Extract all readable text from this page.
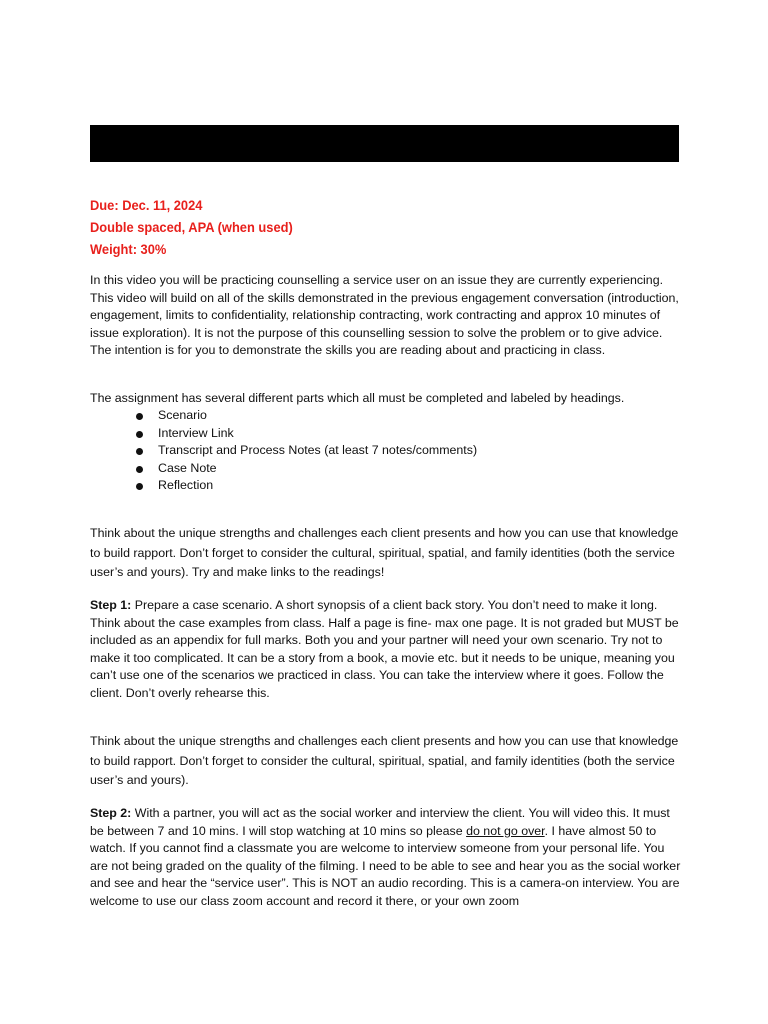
Due: Dec. 11, 2024
Double spaced, APA (when used)
Weight: 30%

In this video you will be practicing counselling a service user on an issue they are currently experiencing. This video will build on all of the skills demonstrated in the previous engagement conversation (introduction, engagement, limits to confidentiality, relationship contracting, work contracting and approx 10 minutes of issue exploration). It is not the purpose of this counselling session to solve the problem or to give advice. The intention is for you to demonstrate the skills you are reading about and practicing in class.

The assignment has several different parts which all must be completed and labeled by headings.

Scenario
Interview Link
Transcript and Process Notes (at least 7 notes/comments)
Case Note
Reflection

Think about the unique strengths and challenges each client presents and how you can use that knowledge to build rapport. Don’t forget to consider the cultural, spiritual, spatial, and family identities (both the service user’s and yours). Try and make links to the readings!

Step 1: Prepare a case scenario. A short synopsis of a client back story. You don’t need to make it long. Think about the case examples from class. Half a page is fine- max one page. It is not graded but MUST be included as an appendix for full marks. Both you and your partner will need your own scenario. Try not to make it too complicated. It can be a story from a book, a movie etc. but it needs to be unique, meaning you can’t use one of the scenarios we practiced in class. You can take the interview where it goes. Follow the client. Don’t overly rehearse this.

Think about the unique strengths and challenges each client presents and how you can use that knowledge to build rapport. Don’t forget to consider the cultural, spiritual, spatial, and family identities (both the service user’s and yours).

Step 2: With a partner, you will act as the social worker and interview the client. You will video this. It must be between 7 and 10 mins. I will stop watching at 10 mins so please do not go over. I have almost 50 to watch. If you cannot find a classmate you are welcome to interview someone from your personal life. You are not being graded on the quality of the filming. I need to be able to see and hear you as the social worker and see and hear the “service user”. This is NOT an audio recording. This is a camera-on interview. You are welcome to use our class zoom account and record it there, or your own zoom
